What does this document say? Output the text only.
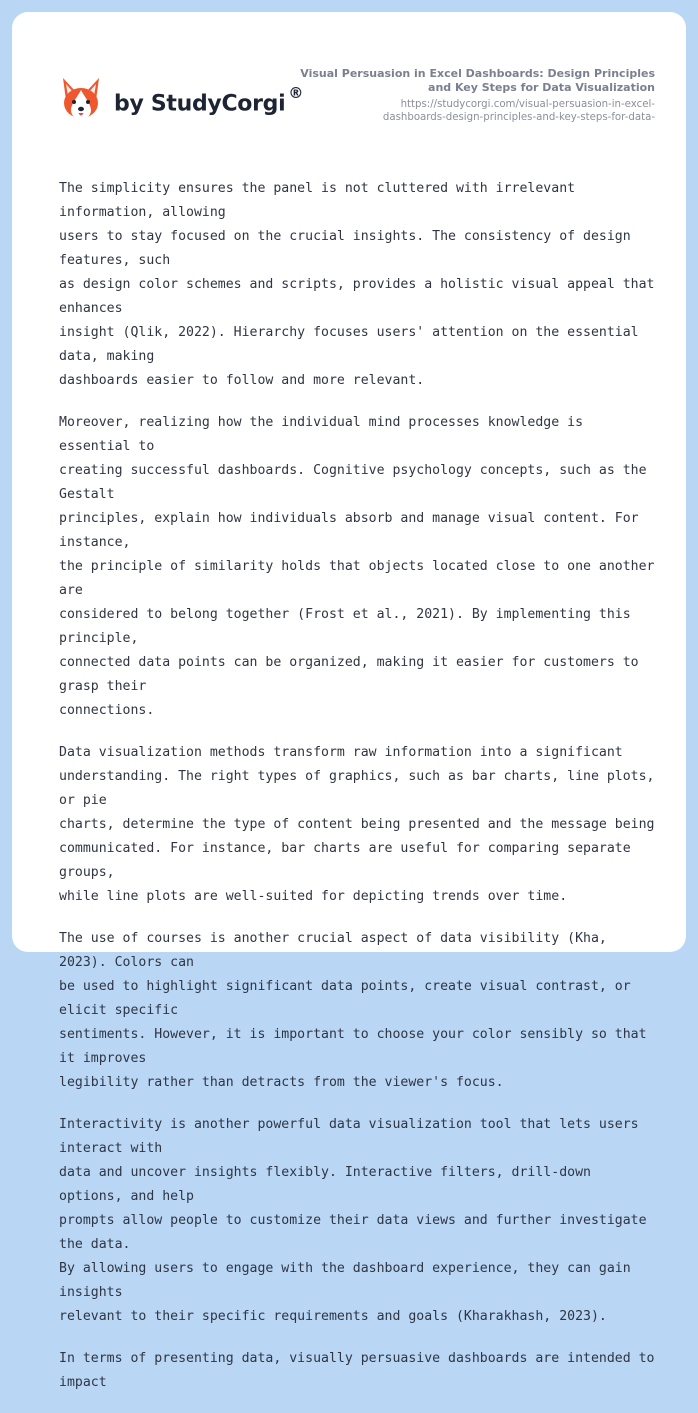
by StudyCorgi ®

Visual Persuasion in Excel Dashboards: Design Principles
and Key Steps for Data Visualization

https://studycorgi.com/visual-persuasion-in-excel-
dashboards-design-principles-and-key-steps-for-data-

The simplicity ensures the panel is not cluttered with irrelevant information, allowing
users to stay focused on the crucial insights. The consistency of design features, such
as design color schemes and scripts, provides a holistic visual appeal that enhances
insight (Qlik, 2022). Hierarchy focuses users' attention on the essential data, making
dashboards easier to follow and more relevant.

Moreover, realizing how the individual mind processes knowledge is essential to
creating successful dashboards. Cognitive psychology concepts, such as the Gestalt
principles, explain how individuals absorb and manage visual content. For instance,
the principle of similarity holds that objects located close to one another are
considered to belong together (Frost et al., 2021). By implementing this principle,
connected data points can be organized, making it easier for customers to grasp their
connections.

Data visualization methods transform raw information into a significant
understanding. The right types of graphics, such as bar charts, line plots, or pie
charts, determine the type of content being presented and the message being
communicated. For instance, bar charts are useful for comparing separate groups,
while line plots are well-suited for depicting trends over time.

The use of courses is another crucial aspect of data visibility (Kha, 2023). Colors can
be used to highlight significant data points, create visual contrast, or elicit specific
sentiments. However, it is important to choose your color sensibly so that it improves
legibility rather than detracts from the viewer's focus.

Interactivity is another powerful data visualization tool that lets users interact with
data and uncover insights flexibly. Interactive filters, drill-down options, and help
prompts allow people to customize their data views and further investigate the data.
By allowing users to engage with the dashboard experience, they can gain insights
relevant to their specific requirements and goals (Kharakhash, 2023).

In terms of presenting data, visually persuasive dashboards are intended to impact
